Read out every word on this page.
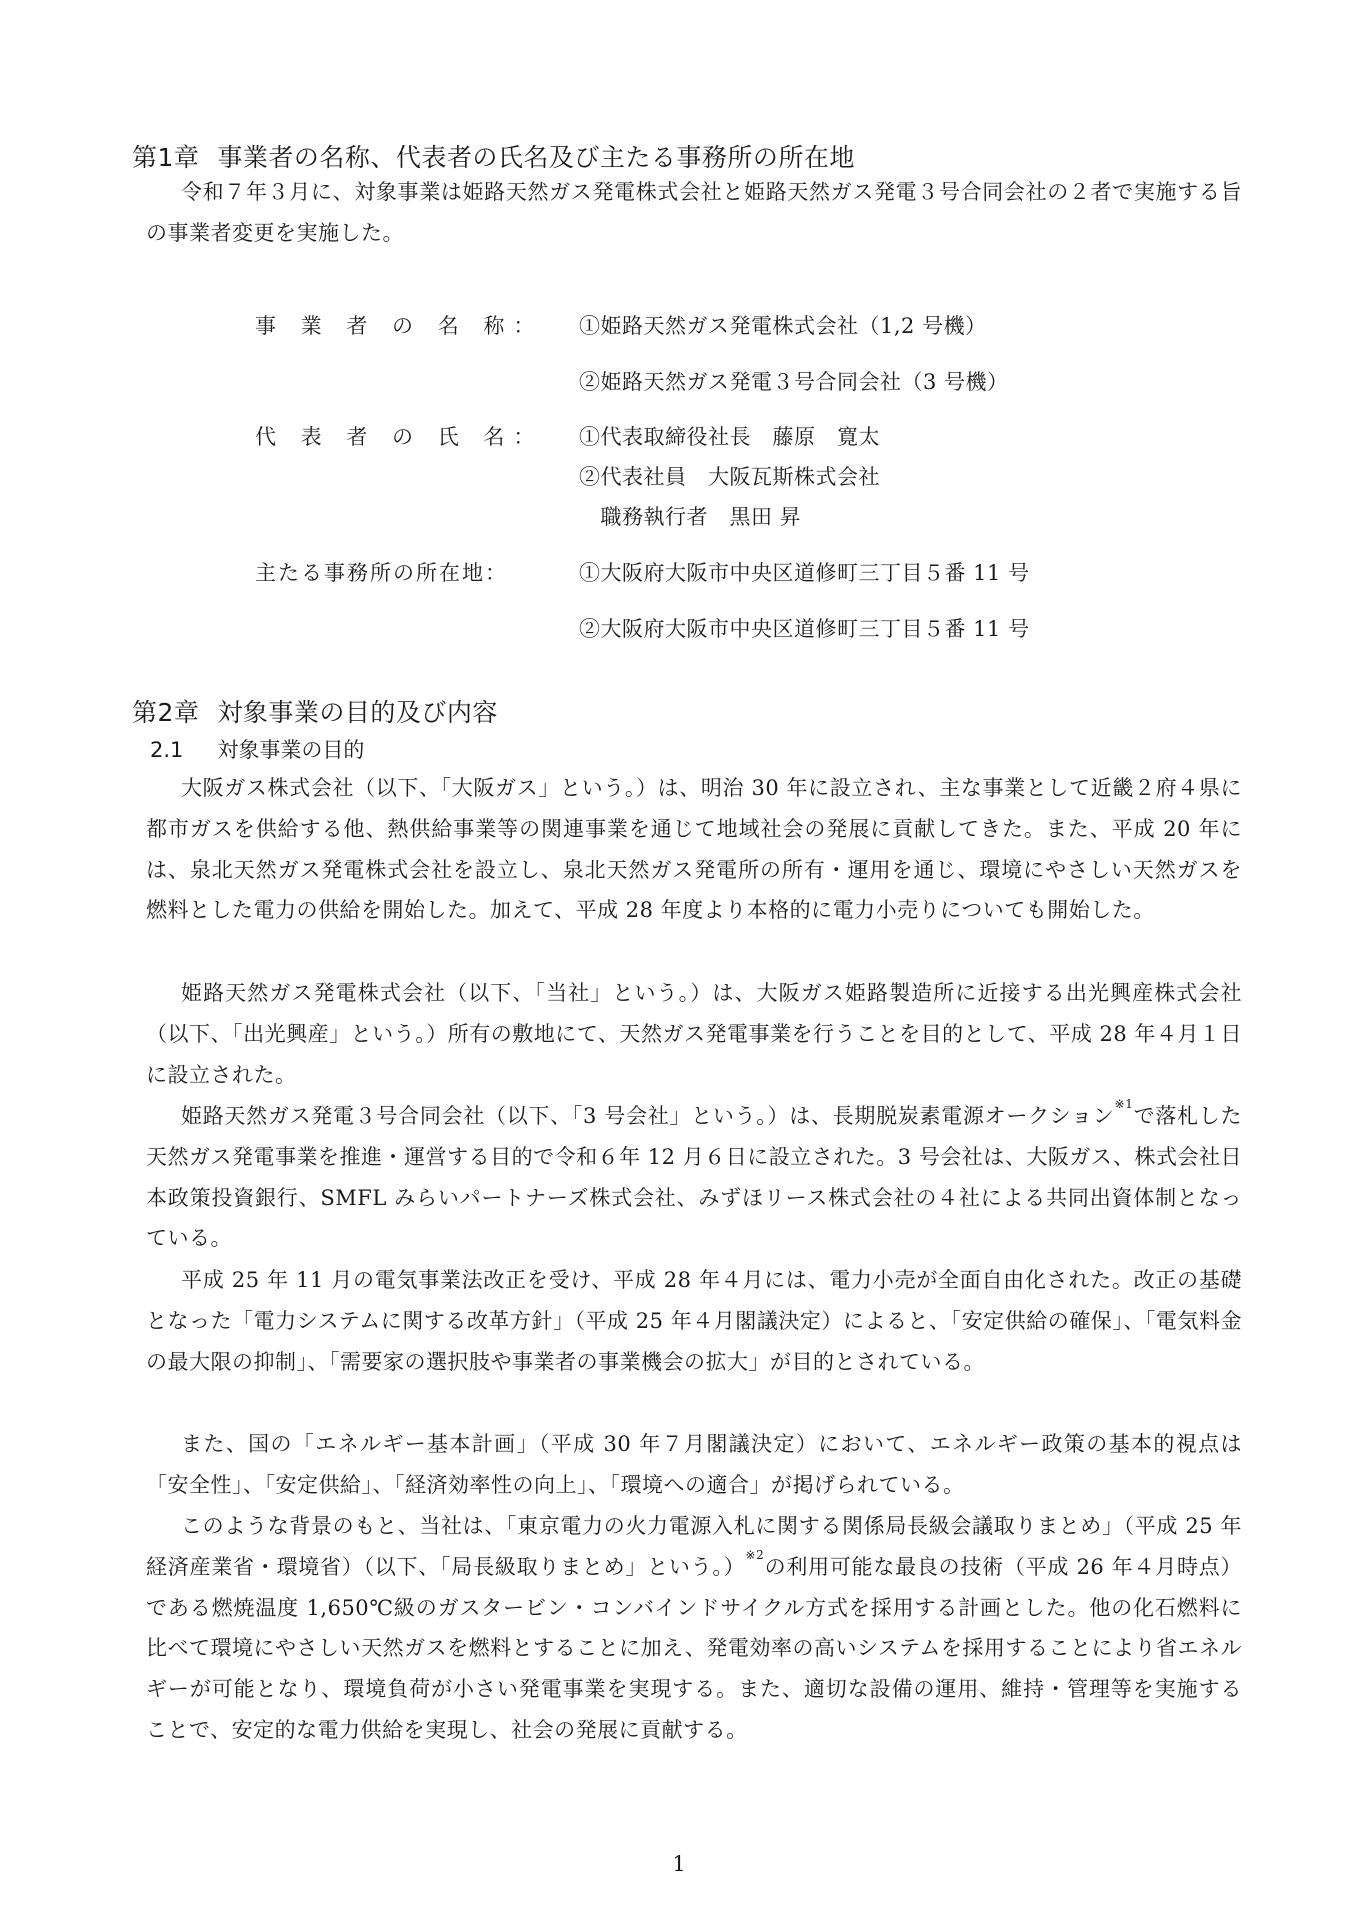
第1章 事業者の名称、代表者の氏名及び主たる事務所の所在地
令和７年３月に、対象事業は姫路天然ガス発電株式会社と姫路天然ガス発電３号合同会社の２者で実施する旨の事業者変更を実施した。
事 業 者 の 名 称： ①姫路天然ガス発電株式会社（1,2 号機）
②姫路天然ガス発電３号合同会社（3 号機）
代 表 者 の 氏 名： ①代表取締役社長　藤原　寛太
②代表社員　大阪瓦斯株式会社
　職務執行者　黒田 昇
主たる事務所の所在地：	①大阪府大阪市中央区道修町三丁目５番 11 号
②大阪府大阪市中央区道修町三丁目５番 11 号
第2章 対象事業の目的及び内容
2.1 対象事業の目的
大阪ガス株式会社（以下、「大阪ガス」という。）は、明治 30 年に設立され、主な事業として近畿２府４県に都市ガスを供給する他、熱供給事業等の関連事業を通じて地域社会の発展に貢献してきた。また、平成 20 年には、泉北天然ガス発電株式会社を設立し、泉北天然ガス発電所の所有・運用を通じ、環境にやさしい天然ガスを燃料とした電力の供給を開始した。加えて、平成 28 年度より本格的に電力小売りについても開始した。
姫路天然ガス発電株式会社（以下、「当社」という。）は、大阪ガス姫路製造所に近接する出光興産株式会社（以下、「出光興産」という。）所有の敷地にて、天然ガス発電事業を行うことを目的として、平成 28 年４月１日に設立された。
姫路天然ガス発電３号合同会社（以下、「3 号会社」という。）は、長期脱炭素電源オークション$^{※1}$で落札した天然ガス発電事業を推進・運営する目的で令和６年 12 月６日に設立された。3 号会社は、大阪ガス、株式会社日本政策投資銀行、SMFL みらいパートナーズ株式会社、みずほリース株式会社の４社による共同出資体制となっている。
平成 25 年 11 月の電気事業法改正を受け、平成 28 年４月には、電力小売が全面自由化された。改正の基礎となった「電力システムに関する改革方針」（平成 25 年４月閣議決定）によると、「安定供給の確保」、「電気料金の最大限の抑制」、「需要家の選択肢や事業者の事業機会の拡大」が目的とされている。
また、国の「エネルギー基本計画」（平成 30 年７月閣議決定）において、エネルギー政策の基本的視点は「安全性」、「安定供給」、「経済効率性の向上」、「環境への適合」が掲げられている。
このような背景のもと、当社は、「東京電力の火力電源入札に関する関係局長級会議取りまとめ」（平成 25 年経済産業省・環境省）（以下、「局長級取りまとめ」という。）$^{※2}$の利用可能な最良の技術（平成 26 年４月時点）である燃焼温度 1,650℃級のガスタービン・コンバインドサイクル方式を採用する計画とした。他の化石燃料に比べて環境にやさしい天然ガスを燃料とすることに加え、発電効率の高いシステムを採用することにより省エネルギーが可能となり、環境負荷が小さい発電事業を実現する。また、適切な設備の運用、維持・管理等を実施することで、安定的な電力供給を実現し、社会の発展に貢献する。
1
